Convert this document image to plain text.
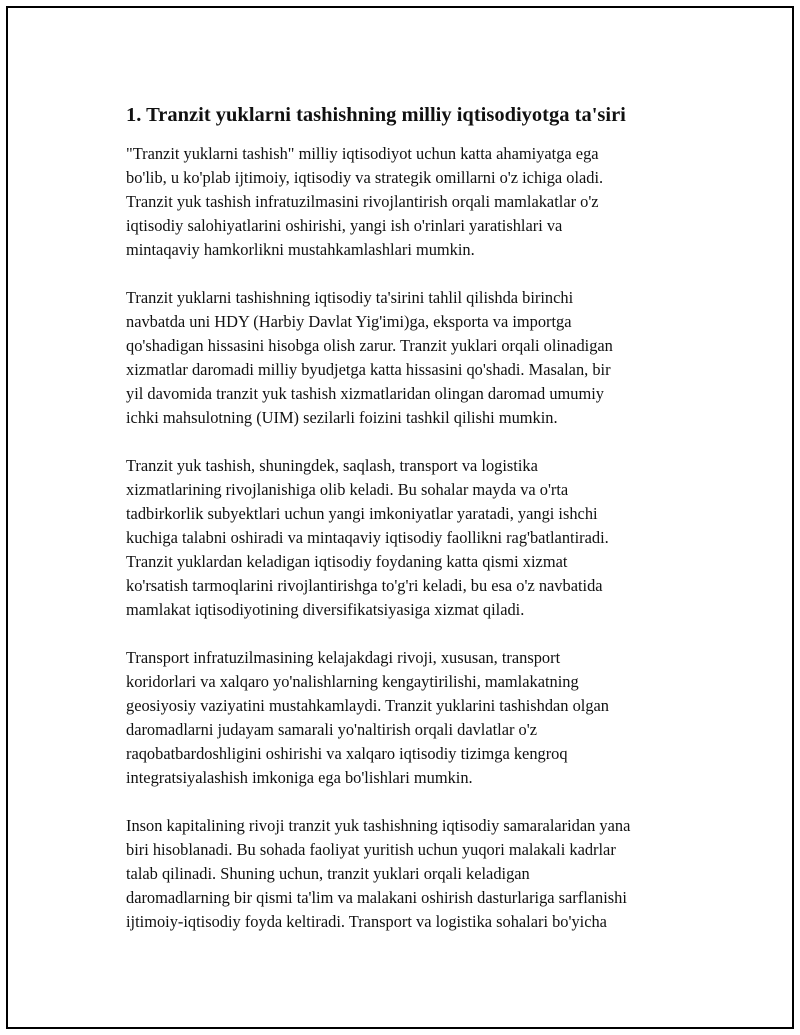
1. Tranzit yuklarni tashishning milliy iqtisodiyotga ta'siri

"Tranzit yuklarni tashish" milliy iqtisodiyot uchun katta ahamiyatga ega
bo'lib, u ko'plab ijtimoiy, iqtisodiy va strategik omillarni o'z ichiga oladi.
Tranzit yuk tashish infratuzilmasini rivojlantirish orqali mamlakatlar o'z
iqtisodiy salohiyatlarini oshirishi, yangi ish o'rinlari yaratishlari va
mintaqaviy hamkorlikni mustahkamlashlari mumkin.

Tranzit yuklarni tashishning iqtisodiy ta'sirini tahlil qilishda birinchi
navbatda uni HDY (Harbiy Davlat Yig'imi)ga, eksporta va importga
qo'shadigan hissasini hisobga olish zarur. Tranzit yuklari orqali olinadigan
xizmatlar daromadi milliy byudjetga katta hissasini qo'shadi. Masalan, bir
yil davomida tranzit yuk tashish xizmatlaridan olingan daromad umumiy
ichki mahsulotning (UIM) sezilarli foizini tashkil qilishi mumkin.

Tranzit yuk tashish, shuningdek, saqlash, transport va logistika
xizmatlarining rivojlanishiga olib keladi. Bu sohalar mayda va o'rta
tadbirkorlik subyektlari uchun yangi imkoniyatlar yaratadi, yangi ishchi
kuchiga talabni oshiradi va mintaqaviy iqtisodiy faollikni rag'batlantiradi.
Tranzit yuklardan keladigan iqtisodiy foydaning katta qismi xizmat
ko'rsatish tarmoqlarini rivojlantirishga to'g'ri keladi, bu esa o'z navbatida
mamlakat iqtisodiyotining diversifikatsiyasiga xizmat qiladi.

Transport infratuzilmasining kelajakdagi rivoji, xususan, transport
koridorlari va xalqaro yo'nalishlarning kengaytirilishi, mamlakatning
geosiyosiy vaziyatini mustahkamlaydi. Tranzit yuklarini tashishdan olgan
daromadlarni judayam samarali yo'naltirish orqali davlatlar o'z
raqobatbardoshligini oshirishi va xalqaro iqtisodiy tizimga kengroq
integratsiyalashish imkoniga ega bo'lishlari mumkin.

Inson kapitalining rivoji tranzit yuk tashishning iqtisodiy samaralaridan yana
biri hisoblanadi. Bu sohada faoliyat yuritish uchun yuqori malakali kadrlar
talab qilinadi. Shuning uchun, tranzit yuklari orqali keladigan
daromadlarning bir qismi ta'lim va malakani oshirish dasturlariga sarflanishi
ijtimoiy-iqtisodiy foyda keltiradi. Transport va logistika sohalari bo'yicha
